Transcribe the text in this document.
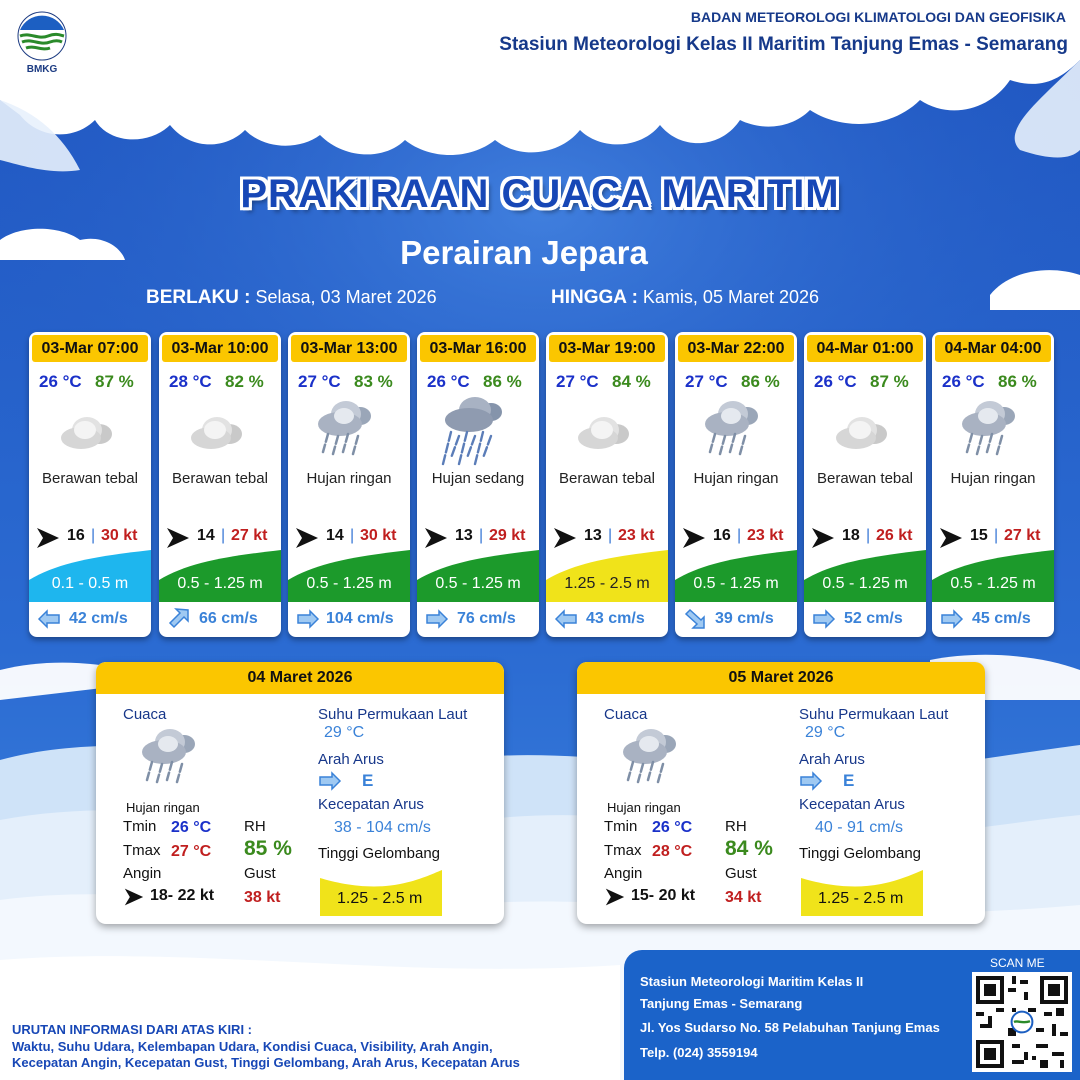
BMKG
BADAN METEOROLOGI KLIMATOLOGI DAN GEOFISIKA
Stasiun Meteorologi Kelas II Maritim Tanjung Emas - Semarang
PRAKIRAAN CUACA MARITIM
Perairan Jepara
BERLAKU : Selasa, 03 Maret 2026	HINGGA : Kamis, 05 Maret 2026
03-Mar 07:00
26 °C 87 %
Berawan tebal
16 | 30 kt
0.1 - 0.5 m
42 cm/s
03-Mar 10:00
28 °C 82 %
Berawan tebal
14 | 27 kt
0.5 - 1.25 m
66 cm/s
03-Mar 13:00
27 °C 83 %
Hujan ringan
14 | 30 kt
0.5 - 1.25 m
104 cm/s
03-Mar 16:00
26 °C 86 %
Hujan sedang
13 | 29 kt
0.5 - 1.25 m
76 cm/s
03-Mar 19:00
27 °C 84 %
Berawan tebal
13 | 23 kt
1.25 - 2.5 m
43 cm/s
03-Mar 22:00
27 °C 86 %
Hujan ringan
16 | 23 kt
0.5 - 1.25 m
39 cm/s
04-Mar 01:00
26 °C 87 %
Berawan tebal
18 | 26 kt
0.5 - 1.25 m
52 cm/s
04-Mar 04:00
26 °C 86 %
Hujan ringan
15 | 27 kt
0.5 - 1.25 m
45 cm/s
04 Maret 2026
Cuaca
Hujan ringan
Tmin 26 °C
Tmax 27 °C
RH
85 %
Angin
18- 22 kt
Gust
38 kt
Suhu Permukaan Laut
29 °C
Arah Arus
E
Kecepatan Arus
38 - 104 cm/s
Tinggi Gelombang
1.25 - 2.5 m
05 Maret 2026
Cuaca
Hujan ringan
Tmin 26 °C
Tmax 28 °C
RH
84 %
Angin
15- 20 kt
Gust
34 kt
Suhu Permukaan Laut
29 °C
Arah Arus
E
Kecepatan Arus
40 - 91 cm/s
Tinggi Gelombang
1.25 - 2.5 m
URUTAN INFORMASI DARI ATAS KIRI :
Waktu, Suhu Udara, Kelembapan Udara, Kondisi Cuaca, Visibility, Arah Angin,
Kecepatan Angin, Kecepatan Gust, Tinggi Gelombang, Arah Arus, Kecepatan Arus
Stasiun Meteorologi Maritim Kelas II
Tanjung Emas - Semarang
Jl. Yos Sudarso No. 58 Pelabuhan Tanjung Emas
Telp. (024) 3559194
SCAN ME
